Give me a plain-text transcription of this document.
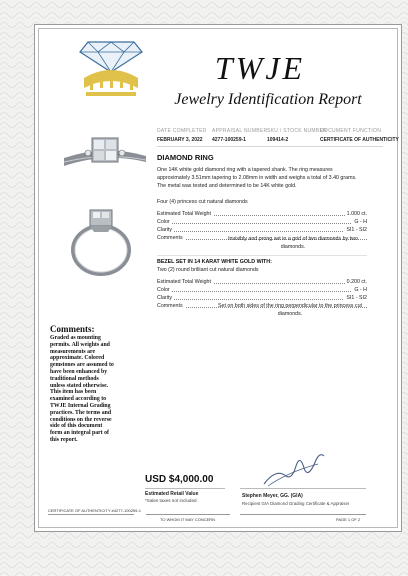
TWJE
Jewelry Identification Report
DATE COMPLETED
FEBRUARY 3, 2022
APPRAISAL NUMBER
4277-100259-1
SKU / STOCK NUMBER
109414-2
DOCUMENT FUNCTION
CERTIFICATE OF AUTHENTICITY
DIAMOND RING
One 14K white gold diamond ring with a tapered shank. The ring measures approximately 3.51mm tapering to 2.08mm in width and weighs a total of 3.40 grams. The metal was tested and determined to be 14K white gold.
Four (4) princess cut natural diamonds
Estimated Total Weight	1.000 ct.
Color	G - H
Clarity	SI1 - SI2
Comments	Invisibly and prong set in a grid of two diamonds by two diamonds.
BEZEL SET IN 14 KARAT WHITE GOLD WITH:
Two (2) round brilliant cut natural diamonds
Estimated Total Weight	0.200 ct.
Color	G - H
Clarity	SI1 - SI2
Comments	Set on both sides of the ring perpendicular to the princess cut diamonds.
Comments:
Graded as mounting permits. All weights and measurements are approximate. Colored gemstones are assumed to have been enhanced by traditional methods unless stated otherwise. This item has been examined according to TWJE Internal Grading practices. The terms and conditions on the reverse side of this document form an integral part of this report.
USD $4,000.00
Estimated Retail Value
*Sales taxes not included
Stephen Meyer, GG. (GIA)
Recipient GIA Diamond Grading Certificate & Appraiser
CERTIFICATE OF AUTHENTICITY #4277-100259-1
TO WHOM IT MAY CONCERN	PAGE 1 OF 2
